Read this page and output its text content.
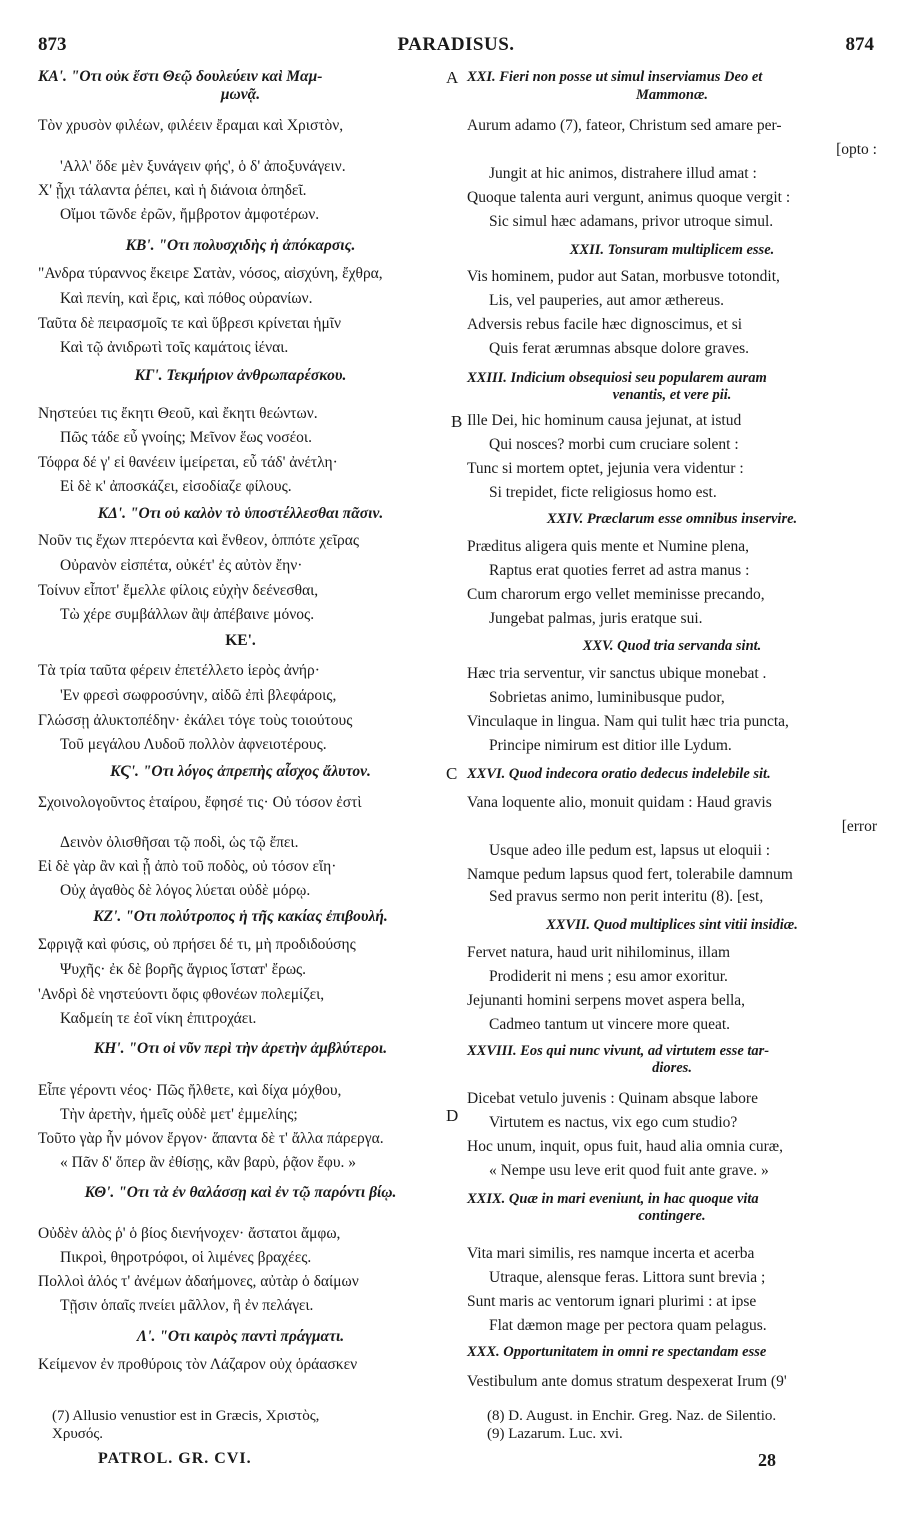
873	PARADISUS.	874
ΚΑ'. "Οτι οὐκ ἔστι Θεῷ δουλεύειν καὶ Μαμ-
μωνᾷ.
Τὸν χρυσὸν φιλέων, φιλέειν ἔραμαι καὶ Χριστὸν,
'Αλλ' ὅδε μὲν ξυνάγειν φής', ὁ δ' ἀποξυνάγειν.
Χ' ᾗχι τάλαντα ῥέπει, καὶ ἡ διάνοια ὀπηδεῖ.
Οἴμοι τῶνδε ἐρῶν, ἤμβροτον ἀμφοτέρων.
ΚΒ'. "Οτι πολυσχιδὴς ἡ ἀπόκαρσις.
"Ανδρα τύραννος ἔκειρε Σατὰν, νόσος, αἰσχύνη, ἔχθρα,
Καὶ πενίη, καὶ ἔρις, καὶ πόθος οὐρανίων.
Ταῦτα δὲ πειρασμοῖς τε καὶ ὕβρεσι κρίνεται ἡμῖν
Καὶ τῷ ἀνιδρωτὶ τοῖς καμάτοις ἰέναι.
ΚΓ'. Τεκμήριον ἀνθρωπαρέσκου.
Νηστεύει τις ἔκητι Θεοῦ, καὶ ἔκητι θεώντων.
Πῶς τάδε εὖ γνοίης; Μεῖνον ἕως νοσέοι.
Τόφρα δέ γ' εἰ θανέειν ἱμείρεται, εὖ τάδ' ἀνέτλη·
Εἰ δὲ κ' ἀποσκάζει, εἰσοδίαζε φίλους.
ΚΔ'. "Οτι οὐ καλὸν τὸ ὑποστέλλεσθαι πᾶσιν.
Νοῦν τις ἔχων πτερόεντα καὶ ἔνθεον, ὁππότε χεῖρας
Οὐρανὸν εἰσπέτα, οὐκέτ' ἐς αὐτὸν ἔην·
Τοίνυν εἶποτ' ἔμελλε φίλοις εὐχὴν δεένεσθαι,
Τὼ χέρε συμβάλλων ἂψ ἀπέβαινε μόνος.
ΚΕ'.
Τὰ τρία ταῦτα φέρειν ἐπετέλλετο ἱερὸς ἀνήρ·
'Εν φρεσὶ σωφροσύνην, αἰδῶ ἐπὶ βλεφάροις,
Γλώσσῃ ἀλυκτοπέδην· ἐκάλει τόγε τοὺς τοιούτους
Τοῦ μεγάλου Λυδοῦ πολλὸν ἀφνειοτέρους.
ΚϚ'. "Οτι λόγος ἀπρεπὴς αἶσχος ἄλυτον.
Σχοινολογοῦντος ἑταίρου, ἔφησέ τις· Οὐ τόσον ἐστὶ
Δεινὸν ὀλισθῆσαι τῷ ποδὶ, ὡς τῷ ἔπει.
Εἰ δὲ γὰρ ἂν καὶ ᾖ ἀπὸ τοῦ ποδὸς, οὐ τόσον εἴη·
Οὐχ ἀγαθὸς δὲ λόγος λύεται οὐδὲ μόρῳ.
ΚΖ'. "Οτι πολύτροπος ἡ τῆς κακίας ἐπιβουλή.
Σφριγᾷ καὶ φύσις, οὐ πρήσει δέ τι, μὴ προδιδούσης
Ψυχῆς· ἐκ δὲ βορῆς ἄγριος ἵσταт' ἔρως.
'Ανδρὶ δὲ νηστεύοντι ὄφις φθονέων πολεμίζει,
Καδμείη τε ἐοῖ νίκη ἐπιτροχάει.
ΚΗ'. "Οτι οἱ νῦν περὶ τὴν ἀρετὴν ἀμβλύτεροι.
Εἶπε γέροντι νέος· Πῶς ἤλθετε, καὶ δίχα μόχθου,
Τὴν ἀρετὴν, ἡμεῖς οὐδὲ μετ' ἐμμελίης;
Τοῦτο γὰρ ἦν μόνον ἔργον· ἅπαντα δὲ τ' ἄλλα πάρεργα.
« Πᾶν δ' ὅπερ ἂν ἐθίσῃς, κἂν βαρὺ, ῥᾷον ἔφυ. »
ΚΘ'. "Οτι τὰ ἐν θαλάσσῃ καὶ ἐν τῷ παρόντι βίῳ.
Οὐδὲν ἁλὸς ῥ' ὁ βίος διενήνοχεν· ἄστατοι ἄμφω,
Πικροὶ, θηροτρόφοι, οἱ λιμένες βραχέες.
Πολλοὶ ἁλός τ' ἀνέμων ἀδαήμονες, αὐτὰρ ὁ δαίμων
Τῇσιν ὁπαῖς πνείει μᾶλλον, ἢ ἐν πελάγει.
Λ'. "Οτι καιρὸς παντὶ πράγματι.
Κείμενον ἐν προθύροις τὸν Λάζαρον οὐχ ὁράασκεν
XXI. Fieri non posse ut simul inserviamus Deo et
Mammonæ.
Aurum adamo (7), fateor, Christum sed amare per-
[opto :
Jungit at hic animos, distrahere illud amat :
Quoque talenta auri vergunt, animus quoque vergit :
Sic simul hæc adamans, privor utroque simul.
XXII. Tonsuram multiplicem esse.
Vis hominem, pudor aut Satan, morbusve totondit,
Lis, vel pauperies, aut amor æthereus.
Adversis rebus facile hæc dignoscimus, et si
Quis ferat ærumnas absque dolore graves.
XXIII. Indicium obsequiosi seu popularem auram
venantis, et vere pii.
Ille Dei, hic hominum causa jejunat, at istud
Qui nosces? morbi cum cruciare solent :
Tunc si mortem optet, jejunia vera videntur :
Si trepidet, ficte religiosus homo est.
XXIV. Præclarum esse omnibus inservire.
Præditus aligera quis mente et Numine plena,
Raptus erat quoties ferret ad astra manus :
Cum charorum ergo vellet meminisse precando,
Jungebat palmas, juris eratque sui.
XXV. Quod tria servanda sint.
Hæc tria serventur, vir sanctus ubique monebat .
Sobrietas animo, luminibusque pudor,
Vinculaque in lingua. Nam qui tulit hæc tria puncta,
Principe nimirum est ditior ille Lydum.
XXVI. Quod indecora oratio dedecus indelebile sit.
Vana loquente alio, monuit quidam : Haud gravis
[error
Usque adeo ille pedum est, lapsus ut eloquii :
Namque pedum lapsus quod fert, tolerabile damnum
Sed pravus sermo non perit interitu (8). [est,
XXVII. Quod multiplices sint vitii insidiæ.
Fervet natura, haud urit nihilominus, illam
Prodiderit ni mens ; esu amor exoritur.
Jejunanti homini serpens movet aspera bella,
Cadmeo tantum ut vincere more queat.
XXVIII. Eos qui nunc vivunt, ad virtutem esse tar-
diores.
Dicebat vetulo juvenis : Quinam absque labore
Virtutem es nactus, vix ego cum studio?
Hoc unum, inquit, opus fuit, haud alia omnia curæ,
« Nempe usu leve erit quod fuit ante grave. »
XXIX. Quæ in mari eveniunt, in hac quoque vita
contingere.
Vita mari similis, res namque incerta et acerba
Utraque, alensque feras. Littora sunt brevia ;
Sunt maris ac ventorum ignari plurimi : at ipse
Flat dæmon mage per pectora quam pelagus.
XXX. Opportunitatem in omni re spectandam esse
Vestibulum ante domus stratum despexerat Irum (9'
A
B
C
D
(7) Allusio venustior est in Græcis, Χριστὸς,
Χρυσός.
(8) D. August. in Enchir. Greg. Naz. de Silentio.
(9) Lazarum. Luc. xvi.
PATROL. GR. CVI.	28
